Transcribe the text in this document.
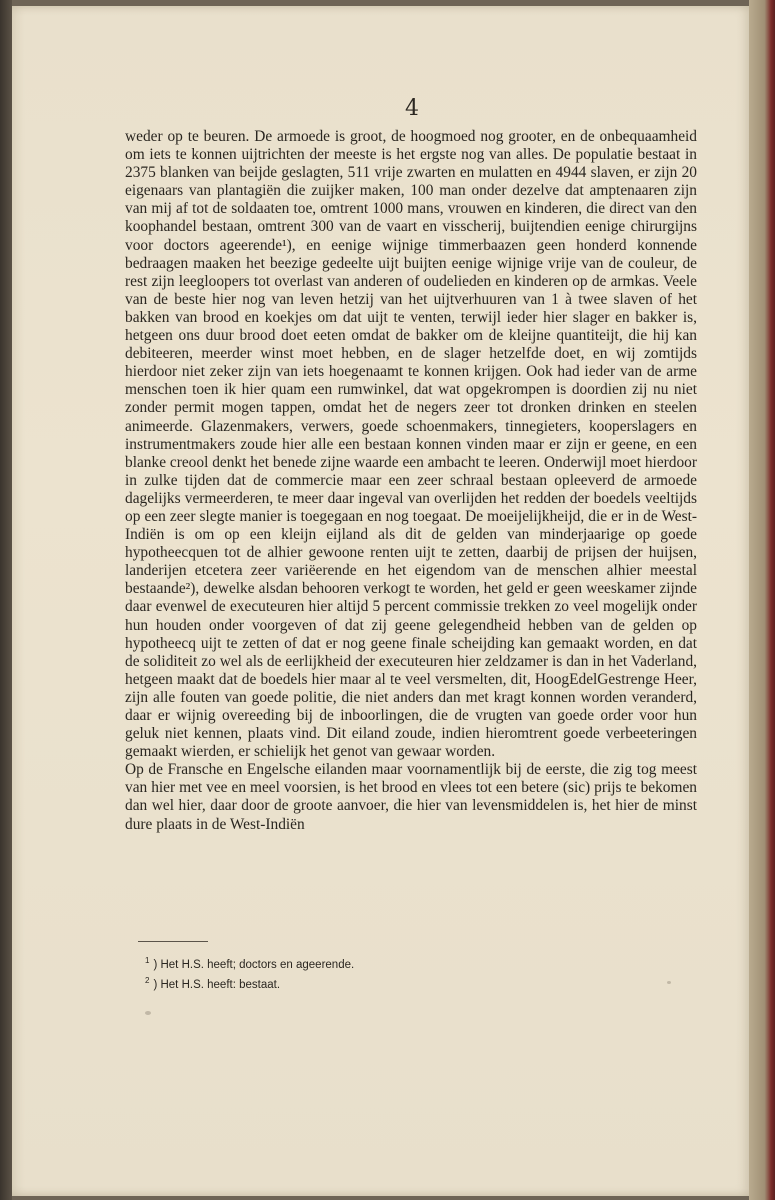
4

weder op te beuren. De armoede is groot, de hoogmoed nog grooter, en de onbequaamheid om iets te konnen uijtrichten der meeste is het ergste nog van alles. De populatie bestaat in 2375 blanken van beijde geslagten, 511 vrije zwarten en mulatten en 4944 slaven, er zijn 20 eigenaars van plantagiën die zuijker maken, 100 man onder dezelve dat amptenaaren zijn van mij af tot de soldaaten toe, omtrent 1000 mans, vrouwen en kinderen, die direct van den koophandel bestaan, omtrent 300 van de vaart en visscherij, buijtendien eenige chirurgijns voor doctors ageerende¹), en eenige wijnige timmerbaazen geen honderd konnende bedraagen maaken het beezige gedeelte uijt buijten eenige wijnige vrije van de couleur, de rest zijn leegloopers tot overlast van anderen of oudelieden en kinderen op de armkas. Veele van de beste hier nog van leven hetzij van het uijtverhuuren van 1 à twee slaven of het bakken van brood en koekjes om dat uijt te venten, terwijl ieder hier slager en bakker is, hetgeen ons duur brood doet eeten omdat de bakker om de kleijne quantiteijt, die hij kan debiteeren, meerder winst moet hebben, en de slager hetzelfde doet, en wij zomtijds hierdoor niet zeker zijn van iets hoegenaamt te konnen krijgen. Ook had ieder van de arme menschen toen ik hier quam een rumwinkel, dat wat opgekrompen is doordien zij nu niet zonder permit mogen tappen, omdat het de negers zeer tot dronken drinken en steelen animeerde. Glazenmakers, verwers, goede schoenmakers, tinnegieters, kooperslagers en instrumentmakers zoude hier alle een bestaan konnen vinden maar er zijn er geene, en een blanke creool denkt het benede zijne waarde een ambacht te leeren. Onderwijl moet hierdoor in zulke tijden dat de commercie maar een zeer schraal bestaan opleeverd de armoede dagelijks vermeerderen, te meer daar ingeval van overlijden het redden der boedels veeltijds op een zeer slegte manier is toegegaan en nog toegaat. De moeijelijkheijd, die er in de West-Indiën is om op een kleijn eijland als dit de gelden van minderjaarige op goede hypotheecquen tot de alhier gewoone renten uijt te zetten, daarbij de prijsen der huijsen, landerijen etcetera zeer variëerende en het eigendom van de menschen alhier meestal bestaande²), dewelke alsdan behooren verkogt te worden, het geld er geen weeskamer zijnde daar evenwel de executeuren hier altijd 5 percent commissie trekken zo veel mogelijk onder hun houden onder voorgeven of dat zij geene gelegendheid hebben van de gelden op hypotheecq uijt te zetten of dat er nog geene finale scheijding kan gemaakt worden, en dat de soliditeit zo wel als de eerlijkheid der executeuren hier zeldzamer is dan in het Vaderland, hetgeen maakt dat de boedels hier maar al te veel versmelten, dit, HoogEdelGestrenge Heer, zijn alle fouten van goede politie, die niet anders dan met kragt konnen worden veranderd, daar er wijnig overeeding bij de inboorlingen, die de vrugten van goede order voor hun geluk niet kennen, plaats vind. Dit eiland zoude, indien hieromtrent goede verbeeteringen gemaakt wierden, er schielijk het genot van gewaar worden.

Op de Fransche en Engelsche eilanden maar voornamentlijk bij de eerste, die zig tog meest van hier met vee en meel voorsien, is het brood en vlees tot een betere (sic) prijs te bekomen dan wel hier, daar door de groote aanvoer, die hier van levensmiddelen is, het hier de minst dure plaats in de West-Indiën

$^1$ ) Het H.S. heeft; doctors en ageerende.
$^2$ ) Het H.S. heeft: bestaat.
